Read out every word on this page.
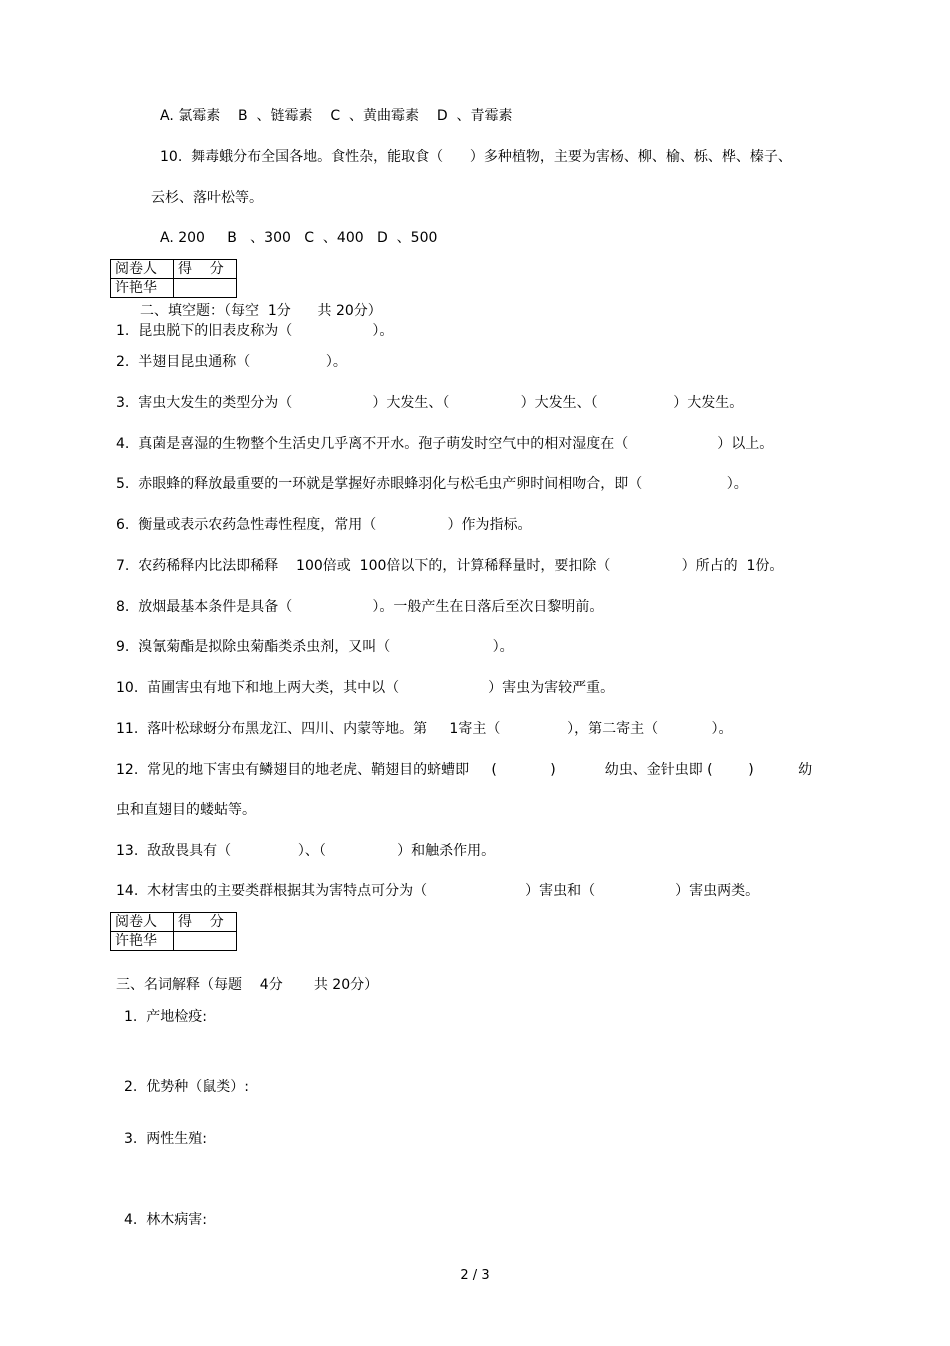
A. 氯霉素    B  、链霉素    C  、黄曲霉素    D  、青霉素
10.  舞毒蛾分布全国各地。食性杂，能取食（      ）多种植物，主要为害杨、柳、榆、栎、桦、榛子、
云杉、落叶松等。
A. 200     B   、300   C  、400   D  、500
阅卷人	得    分
许艳华	
二、填空题：（每空  1分      共 20分）
1.  昆虫脱下的旧表皮称为（                  ）。
2.  半翅目昆虫通称（                 ）。
3.  害虫大发生的类型分为（                  ）大发生、（                ）大发生、（                 ）大发生。
4.  真菌是喜湿的生物整个生活史几乎离不开水。孢子萌发时空气中的相对湿度在（                    ）以上。
5.  赤眼蜂的释放最重要的一环就是掌握好赤眼蜂羽化与松毛虫产卵时间相吻合，即（                   ）。
6.  衡量或表示农药急性毒性程度，常用（                ）作为指标。
7.  农药稀释内比法即稀释    100倍或  100倍以下的，计算稀释量时，要扣除（                ）所占的  1份。
8.  放烟最基本条件是具备（                  ）。一般产生在日落后至次日黎明前。
9.  溴氰菊酯是拟除虫菊酯类杀虫剂，又叫（                       ）。
10.  苗圃害虫有地下和地上两大类，其中以（                    ）害虫为害较严重。
11.  落叶松球蚜分布黑龙江、四川、内蒙等地。第     1寄主（               ），第二寄主（            ）。
12.  常见的地下害虫有鳞翅目的地老虎、鞘翅目的蛴螬即     (            )           幼虫、金针虫即 (        )          幼
虫和直翅目的蝼蛄等。
13.  敌敌畏具有（               ）、（                ）和触杀作用。
14.  木材害虫的主要类群根据其为害特点可分为（                      ）害虫和（                  ）害虫两类。
阅卷人	得    分
许艳华	
三、名词解释（每题    4分       共 20分）
1.  产地检疫:
2.  优势种（鼠类）:
3.  两性生殖:
4.  林木病害:
2 / 3
